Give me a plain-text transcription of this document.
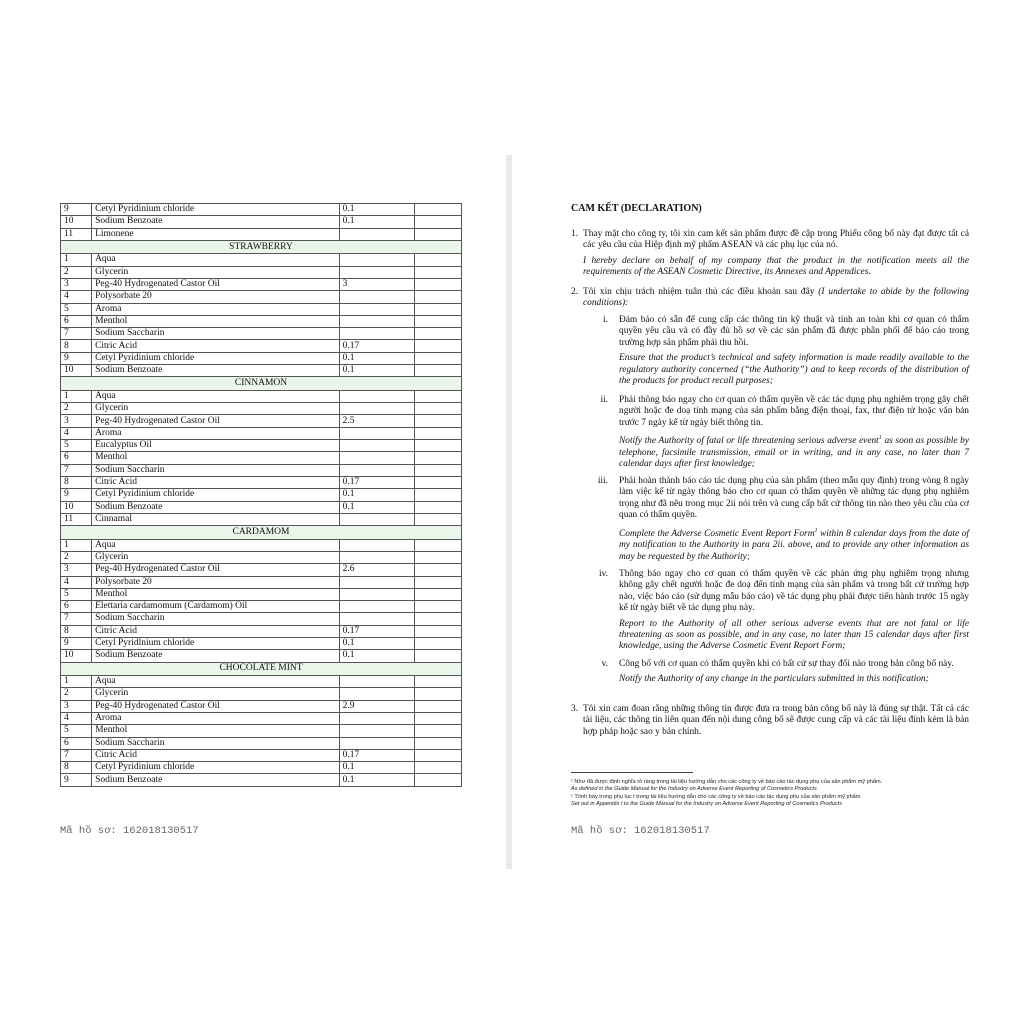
9	Cetyl Pyridinium chloride	0.1	
10	Sodium Benzoate	0.1	
11	Limonene		
STRAWBERRY			
1	Aqua		
2	Glycerin		
3	Peg-40 Hydrogenated Castor Oil	3	
4	Polysorbate 20		
5	Aroma		
6	Menthol		
7	Sodium Saccharin		
8	Citric Acid	0.17	
9	Cetyl Pyridinium chloride	0.1	
10	Sodium Benzoate	0.1	
CINNAMON			
1	Aqua		
2	Glycerin		
3	Peg-40 Hydrogenated Castor Oil	2.5	
4	Aroma		
5	Eucalyptus Oil		
6	Menthol		
7	Sodium Saccharin		
8	Citric Acid	0.17	
9	Cetyl Pyridinium chloride	0.1	
10	Sodium Benzoate	0.1	
11	Cinnamal		
CARDAMOM			
1	Aqua		
2	Glycerin		
3	Peg-40 Hydrogenated Castor Oil	2.6	
4	Polysorbate 20		
5	Menthol		
6	Elettaria cardamomum (Cardamom) Oil		
7	Sodium Saccharin		
8	Citric Acid	0.17	
9	Cetyl Pyridlnium chloride	0.1	
10	Sodium Benzoate	0.1	
CHOCOLATE MINT			
1	Aqua		
2	Glycerin		
3	Peg-40 Hydrogenated Castor Oil	2.9	
4	Aroma		
5	Menthol		
6	Sodium Saccharin		
7	Citric Acid	0.17	
8	Cetyl Pyridinium chloride	0.1	
9	Sodium Benzoate	0.1	
Mã hồ sơ: 162018130517
CAM KẾT (DECLARATION)
1. Thay mặt cho công ty, tôi xin cam kết sản phẩm được đề cập trong Phiếu công bố này đạt được tất cả các yêu cầu của Hiệp định mỹ phẩm ASEAN và các phụ lục của nó.
I hereby declare on behalf of my company that the product in the notification meets all the requirements of the ASEAN Cosmetic Directive, its Annexes and Appendices.
2. Tôi xin chịu trách nhiệm tuân thủ các điều khoản sau đây (I undertake to abide by the following conditions):
i. Đảm bảo có sẵn để cung cấp các thông tin kỹ thuật và tính an toàn khi cơ quan có thẩm quyền yêu cầu và có đầy đủ hồ sơ về các sản phẩm đã được phân phối để báo cáo trong trường hợp sản phẩm phải thu hồi.
Ensure that the product’s technical and safety information is made readily available to the regulatory authority concerned (“the Authority”) and to keep records of the distribution of the products for product recall purposes;
ii. Phải thông báo ngay cho cơ quan có thẩm quyền về các tác dụng phụ nghiêm trọng gây chết người hoặc đe doạ tính mạng của sản phẩm bằng điện thoại, fax, thư điện tử hoặc văn bản trước 7 ngày kể từ ngày biết thông tin.
Notify the Authority of fatal or life threatening serious adverse event$^1$ as soon as possible by telephone, facsimile transmission, email or in writing, and in any case, no later than 7 calendar days after first knowledge;
iii. Phải hoàn thành báo cáo tác dụng phụ của sản phẩm (theo mẫu quy định) trong vòng 8 ngày làm việc kể từ ngày thông báo cho cơ quan có thẩm quyền về những tác dụng phụ nghiêm trọng như đã nêu trong mục 2ii nói trên và cung cấp bất cứ thông tin nào theo yêu cầu của cơ quan có thẩm quyền.
Complete the Adverse Cosmetic Event Report Form$^1$ within 8 calendar days from the date of my notification to the Authority in para 2ii. above, and to provide any other information as may be requested by the Authority;
iv. Thông báo ngay cho cơ quan có thẩm quyền về các phản ứng phụ nghiêm trọng nhưng không gây chết người hoặc đe doạ đến tính mạng của sản phẩm và trong bất cứ trường hợp nào, việc báo cáo (sử dụng mẫu báo cáo) về tác dụng phụ phải được tiến hành trước 15 ngày kể từ ngày biết về tác dụng phụ này.
Report to the Authority of all other serious adverse events that are not fatal or life threatening as soon as possible, and in any case, no later than 15 calendar days after first knowledge, using the Adverse Cosmetic Event Report Form;
v. Công bố với cơ quan có thẩm quyền khi có bất cứ sự thay đổi nào trong bản công bố này.
Notify the Authority of any change in the particulars submitted in this notification;
3. Tôi xin cam đoan rằng những thông tin được đưa ra trong bản công bố này là đúng sự thật. Tất cả các tài liệu, các thông tin liên quan đến nội dung công bố sẽ được cung cấp và các tài liệu đính kèm là bản hợp pháp hoặc sao y bản chính.
¹ Như đã được định nghĩa rõ ràng trong tài liệu hướng dẫn cho các công ty về báo cáo tác dụng phụ của sản phẩm mỹ phẩm.
As defined in the Guide Manual for the Industry on Adverse Event Reporting of Cosmetics Products
¹ Trình bày trong phụ lục I trong tài liệu hướng dẫn cho các công ty về báo cáo tác dụng phụ của sản phẩm mỹ phẩm.
Set out in Appendix I to the Guide Manual for the Industry on Adverse Event Reporting of Cosmetics Products
Mã hồ sơ: 162018130517
